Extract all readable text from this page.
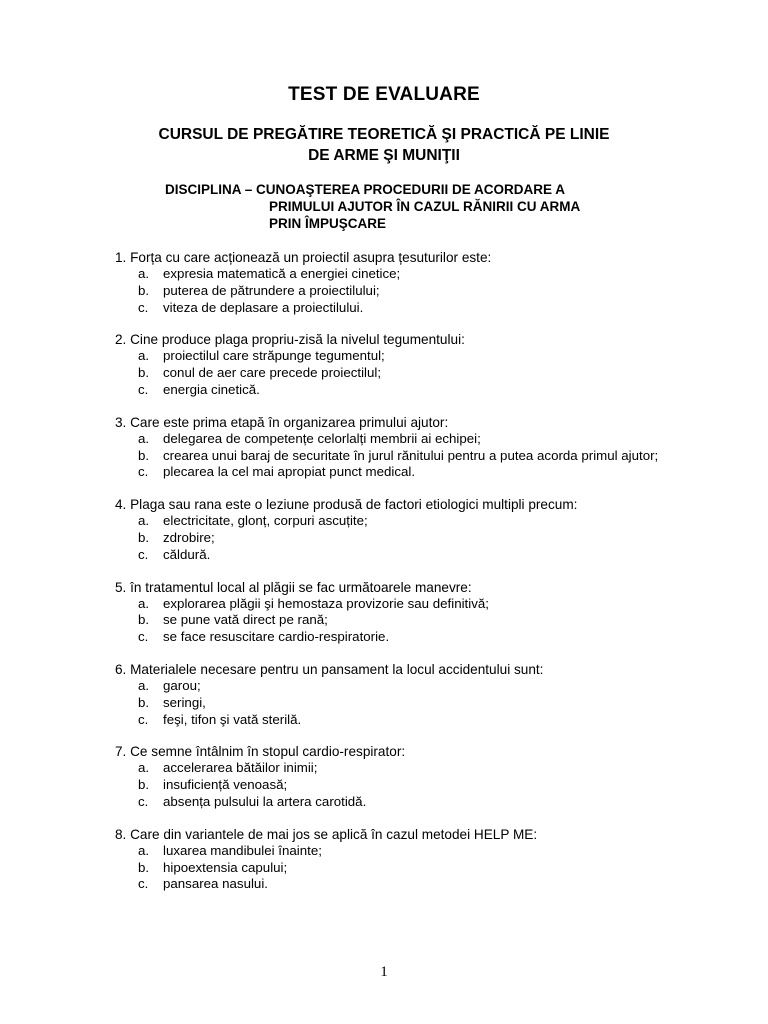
TEST DE EVALUARE
CURSUL DE PREGĂTIRE TEORETICĂ ŞI PRACTICĂ PE LINIE
DE ARME ŞI MUNIŢII
DISCIPLINA – CUNOAŞTEREA PROCEDURII DE ACORDARE A
PRIMULUI AJUTOR ÎN CAZUL RĂNIRII CU ARMA
PRIN ÎMPUŞCARE
1. Forța cu care acționează un proiectil asupra țesuturilor este:
a.	expresia matematică a energiei cinetice;
b.	puterea de pătrundere a proiectilului;
c.	viteza de deplasare a proiectilului.
2. Cine produce plaga propriu-zisă la nivelul tegumentului:
a.	proiectilul care străpunge tegumentul;
b.	conul de aer care precede proiectilul;
c.	energia cinetică.
3. Care este prima etapă în organizarea primului ajutor:
a.	delegarea de competențe celorlalți membrii ai echipei;
b.	crearea unui baraj de securitate în jurul rănitului pentru a putea acorda primul ajutor;
c.	plecarea la cel mai apropiat punct medical.
4. Plaga sau rana este o leziune produsă de factori etiologici multipli precum:
a.	electricitate, glonț, corpuri ascuțite;
b.	zdrobire;
c.	căldură.
5. în tratamentul local al plăgii se fac următoarele manevre:
a.	explorarea plăgii şi hemostaza provizorie sau definitivă;
b.	se pune vată direct pe rană;
c.	se face resuscitare cardio-respiratorie.
6. Materialele necesare pentru un pansament la locul accidentului sunt:
a.	garou;
b.	seringi,
c.	feşi, tifon şi vată sterilă.
7. Ce semne întâlnim în stopul cardio-respirator:
a.	accelerarea bătăilor inimii;
b.	insuficiență venoasă;
c.	absența pulsului la artera carotidă.
8. Care din variantele de mai jos se aplică în cazul metodei HELP ME:
a.	luxarea mandibulei înainte;
b.	hipoextensia capului;
c.	pansarea nasului.
1
